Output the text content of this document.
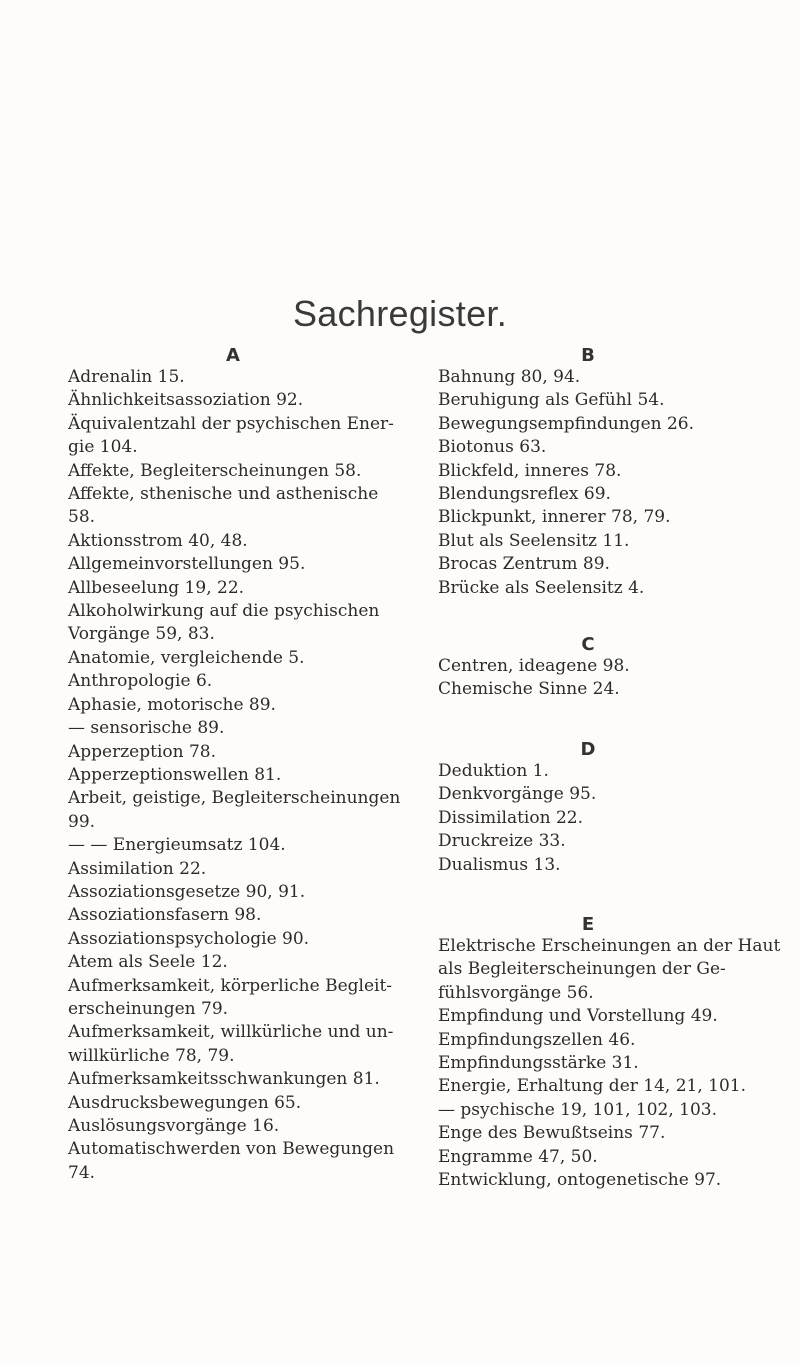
Sachregister.
A
Adrenalin 15.
Ähnlichkeitsassoziation 92.
Äquivalentzahl der psychischen Ener-
gie 104.
Affekte, Begleiterscheinungen 58.
Affekte, sthenische und asthenische
58.
Aktionsstrom 40, 48.
Allgemeinvorstellungen 95.
Allbeseelung 19, 22.
Alkoholwirkung auf die psychischen
Vorgänge 59, 83.
Anatomie, vergleichende 5.
Anthropologie 6.
Aphasie, motorische 89.
— sensorische 89.
Apperzeption 78.
Apperzeptionswellen 81.
Arbeit, geistige, Begleiterscheinungen
99.
— — Energieumsatz 104.
Assimilation 22.
Assoziationsgesetze 90, 91.
Assoziationsfasern 98.
Assoziationspsychologie 90.
Atem als Seele 12.
Aufmerksamkeit, körperliche Begleit-
erscheinungen 79.
Aufmerksamkeit, willkürliche und un-
willkürliche 78, 79.
Aufmerksamkeitsschwankungen 81.
Ausdrucksbewegungen 65.
Auslösungsvorgänge 16.
Automatischwerden von Bewegungen
74.
B
Bahnung 80, 94.
Beruhigung als Gefühl 54.
Bewegungsempfindungen 26.
Biotonus 63.
Blickfeld, inneres 78.
Blendungsreflex 69.
Blickpunkt, innerer 78, 79.
Blut als Seelensitz 11.
Brocas Zentrum 89.
Brücke als Seelensitz 4.
C
Centren, ideagene 98.
Chemische Sinne 24.
D
Deduktion 1.
Denkvorgänge 95.
Dissimilation 22.
Druckreize 33.
Dualismus 13.
E
Elektrische Erscheinungen an der Haut
als Begleiterscheinungen der Ge-
fühlsvorgänge 56.
Empfindung und Vorstellung 49.
Empfindungszellen 46.
Empfindungsstärke 31.
Energie, Erhaltung der 14, 21, 101.
— psychische 19, 101, 102, 103.
Enge des Bewußtseins 77.
Engramme 47, 50.
Entwicklung, ontogenetische 97.
